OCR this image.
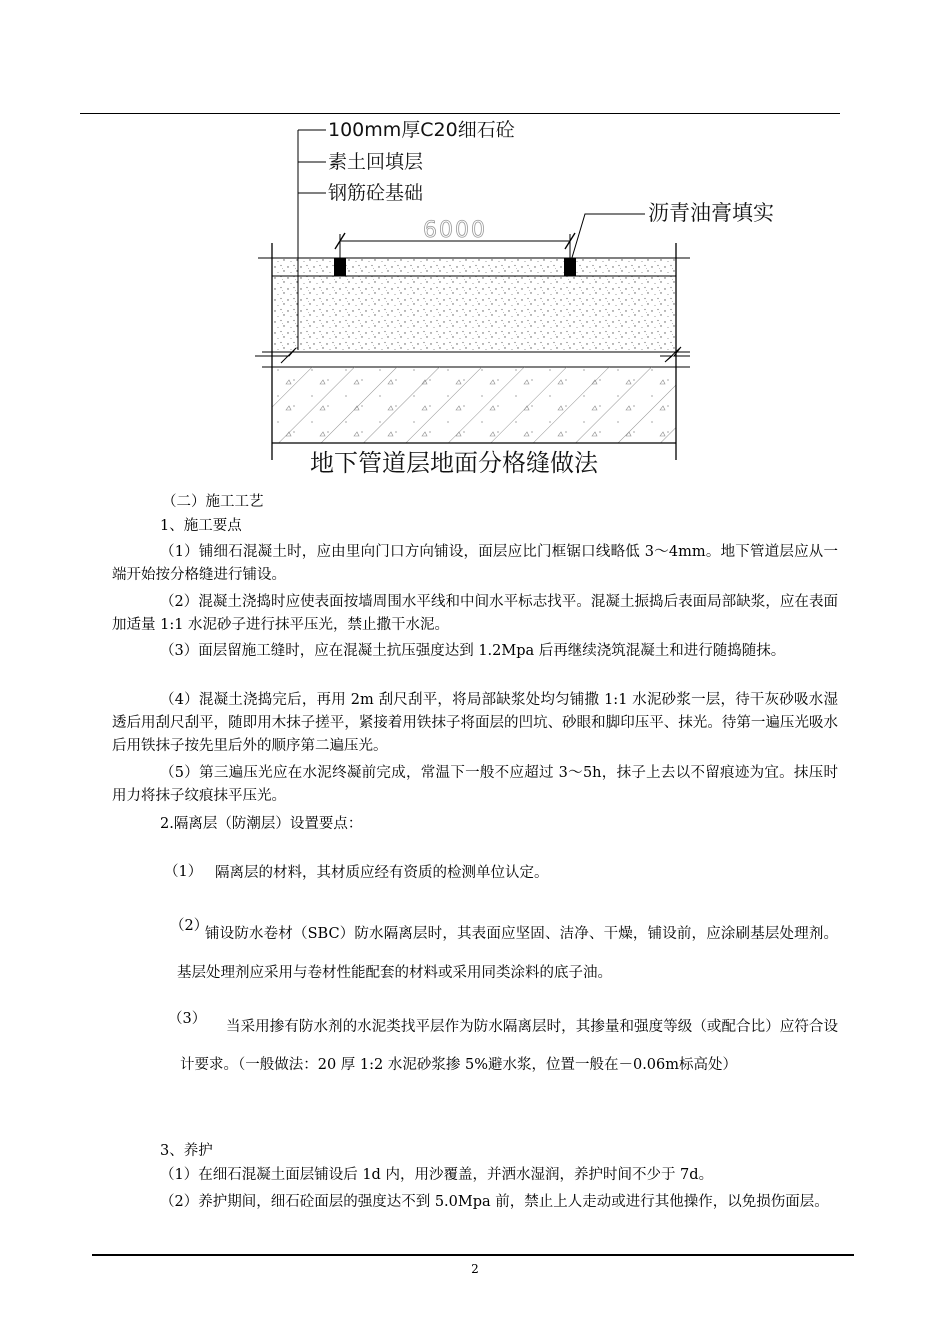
6000
100mm厚C20细石砼
素土回填层
钢筋砼基础
沥青油膏填实
地下管道层地面分格缝做法
（二）施工工艺
1、施工要点
（1）铺细石混凝土时，应由里向门口方向铺设，面层应比门框锯口线略低 3～4mm。地下管道层应从一端开始按分格缝进行铺设。
（2）混凝土浇捣时应使表面按墙周围水平线和中间水平标志找平。混凝土振捣后表面局部缺浆，应在表面加适量 1:1 水泥砂子进行抹平压光，禁止撒干水泥。
（3）面层留施工缝时，应在混凝土抗压强度达到 1.2Mpa 后再继续浇筑混凝土和进行随捣随抹。
（4）混凝土浇捣完后，再用 2m 刮尺刮平，将局部缺浆处均匀铺撒 1:1 水泥砂浆一层，待干灰砂吸水湿透后用刮尺刮平，随即用木抹子搓平，紧接着用铁抹子将面层的凹坑、砂眼和脚印压平、抹光。待第一遍压光吸水后用铁抹子按先里后外的顺序第二遍压光。
（5）第三遍压光应在水泥终凝前完成，常温下一般不应超过 3～5h，抹子上去以不留痕迹为宜。抹压时用力将抹子纹痕抹平压光。
2.隔离层（防潮层）设置要点：
（1） 隔离层的材料，其材质应经有资质的检测单位认定。
（2）
铺设防水卷材（SBC）防水隔离层时，其表面应坚固、洁净、干燥，铺设前，应涂刷基层处理剂。基层处理剂应采用与卷材性能配套的材料或采用同类涂料的底子油。
（3）	当采用掺有防水剂的水泥类找平层作为防水隔离层时，其掺量和强度等级（或配合比）应符合设计要求。（一般做法：20 厚 1:2 水泥砂浆掺 5%避水浆，位置一般在－0.06m标高处）
3、养护
（1）在细石混凝土面层铺设后 1d 内，用沙覆盖，并洒水湿润，养护时间不少于 7d。
（2）养护期间，细石砼面层的强度达不到 5.0Mpa 前，禁止上人走动或进行其他操作，以免损伤面层。
2
